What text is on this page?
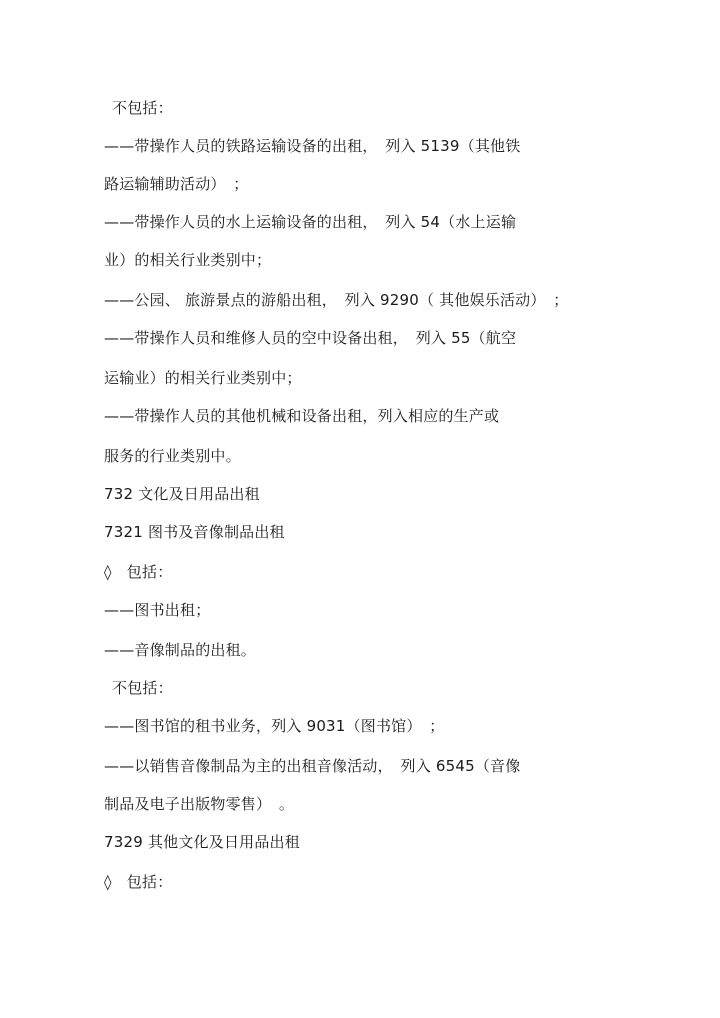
不包括：
——带操作人员的铁路运输设备的出租，　列入 5139（其他铁
路运输辅助活动）　；
——带操作人员的水上运输设备的出租，　列入 54（水上运输
业）的相关行业类别中；
——公园、 旅游景点的游船出租，　列入 9290（ 其他娱乐活动）　；
——带操作人员和维修人员的空中设备出租，　列入 55（航空
运输业）的相关行业类别中；
——带操作人员的其他机械和设备出租，列入相应的生产或
服务的行业类别中。
732 文化及日用品出租
7321 图书及音像制品出租
◊　包括：
——图书出租；
——音像制品的出租。
不包括：
——图书馆的租书业务，列入 9031（图书馆）　；
——以销售音像制品为主的出租音像活动，　列入 6545（音像
制品及电子出版物零售）　。
7329 其他文化及日用品出租
◊　包括：
